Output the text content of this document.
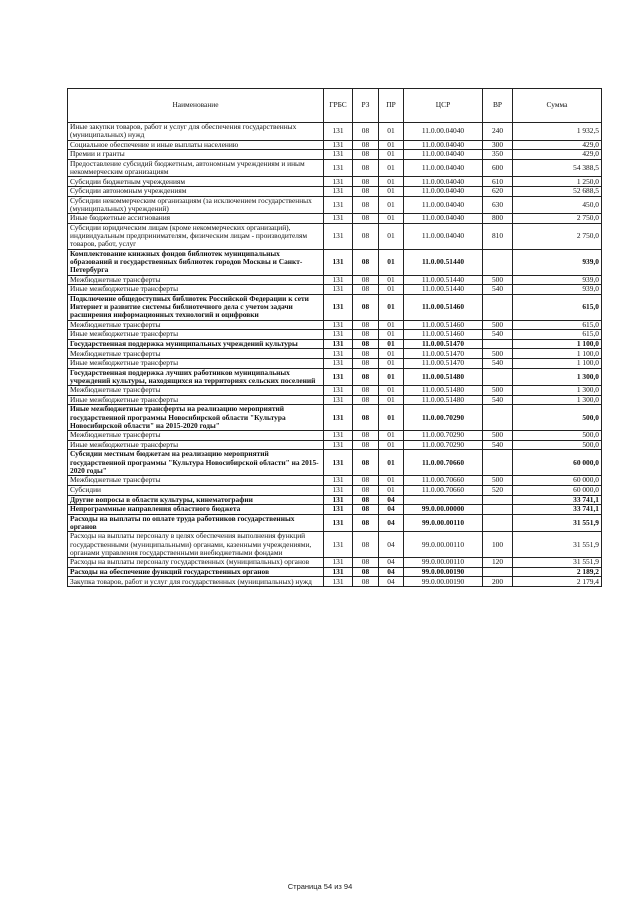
Наименование	ГРБС	РЗ	ПР	ЦСР	ВР	Сумма
Иные закупки товаров, работ и услуг для обеспечения государственных (муниципальных) нужд	131	08	01	11.0.00.04040	240	1 932,5
Социальное обеспечение и иные выплаты населению	131	08	01	11.0.00.04040	300	429,0
Премии и гранты	131	08	01	11.0.00.04040	350	429,0
Предоставление субсидий бюджетным, автономным учреждениям и иным некоммерческим организациям	131	08	01	11.0.00.04040	600	54 388,5
Субсидии бюджетным учреждениям	131	08	01	11.0.00.04040	610	1 250,0
Субсидии автономным учреждениям	131	08	01	11.0.00.04040	620	52 688,5
Субсидии некоммерческим организациям (за исключением государственных (муниципальных) учреждений)	131	08	01	11.0.00.04040	630	450,0
Иные бюджетные ассигнования	131	08	01	11.0.00.04040	800	2 750,0
Субсидии юридическим лицам (кроме некоммерческих организаций), индивидуальным предпринимателям, физическим лицам - производителям товаров, работ, услуг	131	08	01	11.0.00.04040	810	2 750,0
Комплектование книжных фондов библиотек муниципальных образований и государственных библиотек городов Москвы и Санкт-Петербурга	131	08	01	11.0.00.51440		939,0
Межбюджетные трансферты	131	08	01	11.0.00.51440	500	939,0
Иные межбюджетные трансферты	131	08	01	11.0.00.51440	540	939,0
Подключение общедоступных библиотек Российской Федерации к сети Интернет и развитие системы библиотечного дела с учетом задачи расширения информационных технологий и оцифровки	131	08	01	11.0.00.51460		615,0
Межбюджетные трансферты	131	08	01	11.0.00.51460	500	615,0
Иные межбюджетные трансферты	131	08	01	11.0.00.51460	540	615,0
Государственная поддержка муниципальных учреждений культуры	131	08	01	11.0.00.51470		1 100,0
Межбюджетные трансферты	131	08	01	11.0.00.51470	500	1 100,0
Иные межбюджетные трансферты	131	08	01	11.0.00.51470	540	1 100,0
Государственная поддержка лучших работников муниципальных учреждений культуры, находящихся на территориях сельских поселений	131	08	01	11.0.00.51480		1 300,0
Межбюджетные трансферты	131	08	01	11.0.00.51480	500	1 300,0
Иные межбюджетные трансферты	131	08	01	11.0.00.51480	540	1 300,0
Иные межбюджетные трансферты на реализацию мероприятий государственной программы Новосибирской области "Культура Новосибирской области" на 2015-2020 годы"	131	08	01	11.0.00.70290		500,0
Межбюджетные трансферты	131	08	01	11.0.00.70290	500	500,0
Иные межбюджетные трансферты	131	08	01	11.0.00.70290	540	500,0
Субсидии местным бюджетам на реализацию мероприятий государственной программы "Культура Новосибирской области" на 2015-2020 годы"	131	08	01	11.0.00.70660		60 000,0
Межбюджетные трансферты	131	08	01	11.0.00.70660	500	60 000,0
Субсидии	131	08	01	11.0.00.70660	520	60 000,0
Другие вопросы в области культуры, кинематографии	131	08	04			33 741,1
Непрограммные направления областного бюджета	131	08	04	99.0.00.00000		33 741,1
Расходы на выплаты по оплате труда работников государственных органов	131	08	04	99.0.00.00110		31 551,9
Расходы на выплаты персоналу в целях обеспечения выполнения функций государственными (муниципальными) органами, казенными учреждениями, органами управления государственными внебюджетными фондами	131	08	04	99.0.00.00110	100	31 551,9
Расходы на выплаты персоналу государственных (муниципальных) органов	131	08	04	99.0.00.00110	120	31 551,9
Расходы на обеспечение функций государственных органов	131	08	04	99.0.00.00190		2 189,2
Закупка товаров, работ и услуг для государственных (муниципальных) нужд	131	08	04	99.0.00.00190	200	2 179,4
Страница 54 из 94
